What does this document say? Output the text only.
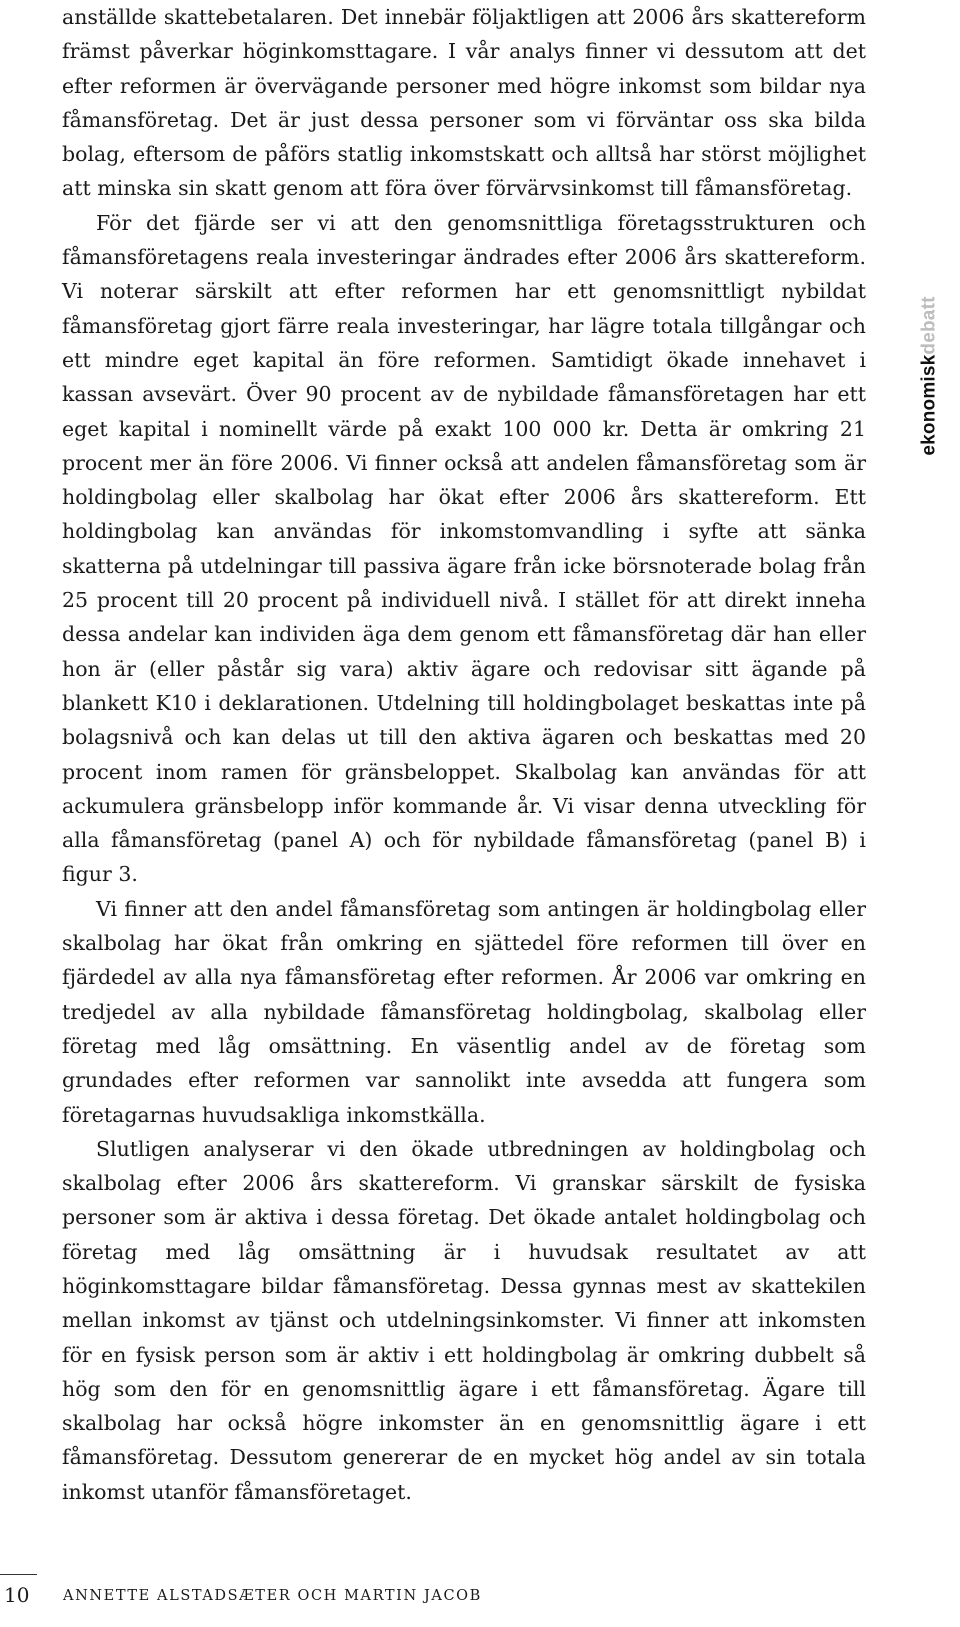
anställde skattebetalaren. Det innebär följaktligen att 2006 års skattereform främst påverkar höginkomsttagare. I vår analys finner vi dessutom att det efter reformen är övervägande personer med högre inkomst som bildar nya fåmansföretag. Det är just dessa personer som vi förväntar oss ska bilda bolag, eftersom de påförs statlig inkomstskatt och alltså har störst möjlighet att minska sin skatt genom att föra över förvärvsinkomst till fåmansföretag.

För det fjärde ser vi att den genomsnittliga företagsstrukturen och fåmansföretagens reala investeringar ändrades efter 2006 års skattereform. Vi noterar särskilt att efter reformen har ett genomsnittligt nybildat fåmansföretag gjort färre reala investeringar, har lägre totala tillgångar och ett mindre eget kapital än före reformen. Samtidigt ökade innehavet i kassan avsevärt. Över 90 procent av de nybildade fåmansföretagen har ett eget kapital i nominellt värde på exakt 100 000 kr. Detta är omkring 21 procent mer än före 2006. Vi finner också att andelen fåmansföretag som är holdingbolag eller skalbolag har ökat efter 2006 års skattereform. Ett holdingbolag kan användas för inkomstomvandling i syfte att sänka skatterna på utdelningar till passiva ägare från icke börsnoterade bolag från 25 procent till 20 procent på individuell nivå. I stället för att direkt inneha dessa andelar kan individen äga dem genom ett fåmansföretag där han eller hon är (eller påstår sig vara) aktiv ägare och redovisar sitt ägande på blankett K10 i deklarationen. Utdelning till holdingbolaget beskattas inte på bolagsnivå och kan delas ut till den aktiva ägaren och beskattas med 20 procent inom ramen för gränsbeloppet. Skalbolag kan användas för att ackumulera gränsbelopp inför kommande år. Vi visar denna utveckling för alla fåmansföretag (panel A) och för nybildade fåmansföretag (panel B) i figur 3.

Vi finner att den andel fåmansföretag som antingen är holdingbolag eller skalbolag har ökat från omkring en sjättedel före reformen till över en fjärdedel av alla nya fåmansföretag efter reformen. År 2006 var omkring en tredjedel av alla nybildade fåmansföretag holdingbolag, skalbolag eller företag med låg omsättning. En väsentlig andel av de företag som grundades efter reformen var sannolikt inte avsedda att fungera som företagarnas huvudsakliga inkomstkälla.

Slutligen analyserar vi den ökade utbredningen av holdingbolag och skalbolag efter 2006 års skattereform. Vi granskar särskilt de fysiska personer som är aktiva i dessa företag. Det ökade antalet holdingbolag och företag med låg omsättning är i huvudsak resultatet av att höginkomsttagare bildar fåmansföretag. Dessa gynnas mest av skattekilen mellan inkomst av tjänst och utdelningsinkomster. Vi finner att inkomsten för en fysisk person som är aktiv i ett holdingbolag är omkring dubbelt så hög som den för en genomsnittlig ägare i ett fåmansföretag. Ägare till skalbolag har också högre inkomster än en genomsnittlig ägare i ett fåmansföretag. Dessutom genererar de en mycket hög andel av sin totala inkomst utanför fåmansföretaget.

ekonomiskdebatt
10 ANNETTE ALSTADSÆTER OCH MARTIN JACOB
